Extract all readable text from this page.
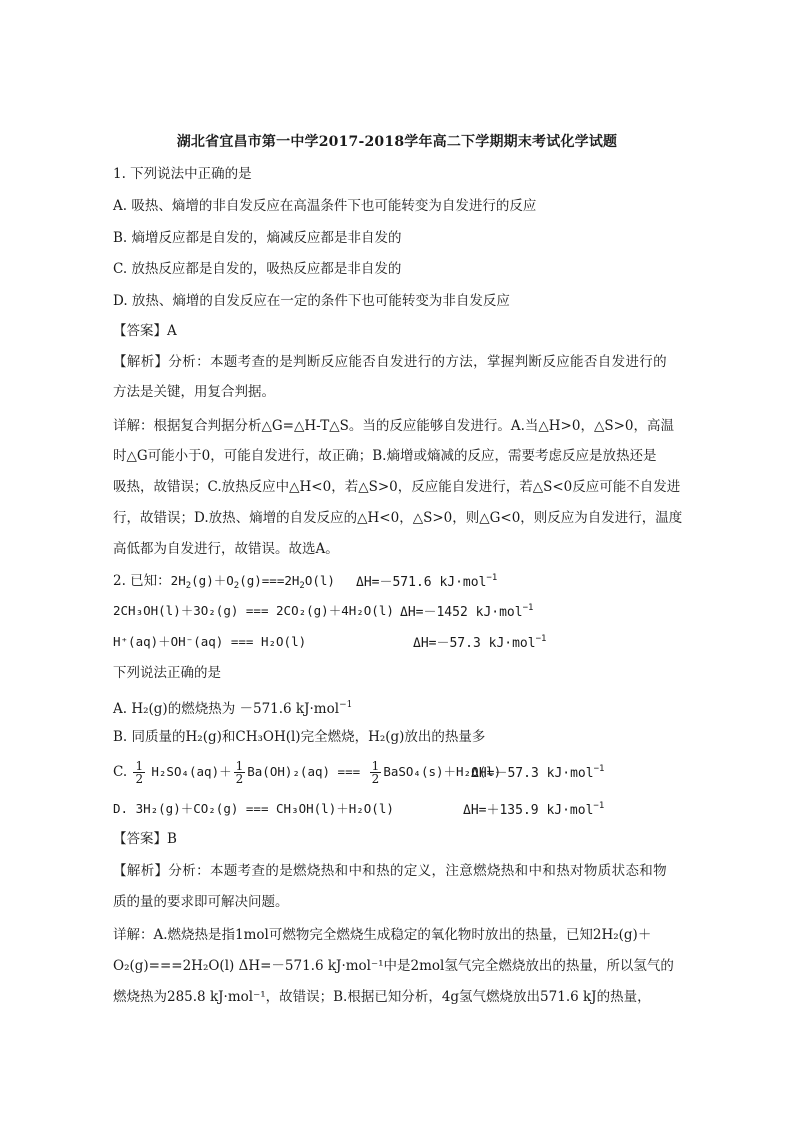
湖北省宜昌市第一中学2017-2018学年高二下学期期末考试化学试题
1. 下列说法中正确的是
A. 吸热、熵增的非自发反应在高温条件下也可能转变为自发进行的反应
B. 熵增反应都是自发的，熵减反应都是非自发的
C. 放热反应都是自发的，吸热反应都是非自发的
D. 放热、熵增的自发反应在一定的条件下也可能转变为非自发反应
【答案】A
【解析】分析：本题考查的是判断反应能否自发进行的方法，掌握判断反应能否自发进行的
方法是关键，用复合判据。
详解：根据复合判据分析△G=△H-T△S。当的反应能够自发进行。A.当△H>0，△S>0，高温
时△G可能小于0，可能自发进行，故正确；B.熵增或熵减的反应，需要考虑反应是放热还是
吸热，故错误；C.放热反应中△H<0，若△S>0，反应能自发进行，若△S<0反应可能不自发进
行，故错误；D.放热、熵增的自发反应的△H<0，△S>0，则△G<0，则反应为自发进行，温度
高低都为自发进行，故错误。故选A。
2. 已知：$2H_2(g)+O_2(g)===2H_2O(l)$ ΔH=－571.6 kJ·mol$^{-1}$
2CH₃OH(l)＋3O₂(g) === 2CO₂(g)＋4H₂O(l) ΔH=－1452 kJ·mol$^{-1}$
H⁺(aq)＋OH⁻(aq) === H₂O(l)	ΔH=－57.3 kJ·mol$^{-1}$
下列说法正确的是
A. H₂(g)的燃烧热为 －571.6 kJ·mol$^{-1}$
B. 同质量的H₂(g)和CH₃OH(l)完全燃烧，H₂(g)放出的热量多
C. $\frac{1}{2} H_2SO_4(aq)+ \frac{1}{2} Ba(OH)_2(aq)$ === $\frac{1}{2}$ BaSO₄(s)＋H₂O(l)
ΔH=－57.3 kJ·mol$^{-1}$
D. 3H₂(g)＋CO₂(g) === CH₃OH(l)＋H₂O(l)	ΔH=＋135.9 kJ·mol$^{-1}$
【答案】B
【解析】分析：本题考查的是燃烧热和中和热的定义，注意燃烧热和中和热对物质状态和物
质的量的要求即可解决问题。
详解：A.燃烧热是指1mol可燃物完全燃烧生成稳定的氧化物时放出的热量，已知2H₂(g)＋
O₂(g)===2H₂O(l) ΔH=－571.6 kJ·mol⁻¹中是2mol氢气完全燃烧放出的热量，所以氢气的
燃烧热为285.8 kJ·mol⁻¹，故错误；B.根据已知分析，4g氢气燃烧放出571.6 kJ的热量，
